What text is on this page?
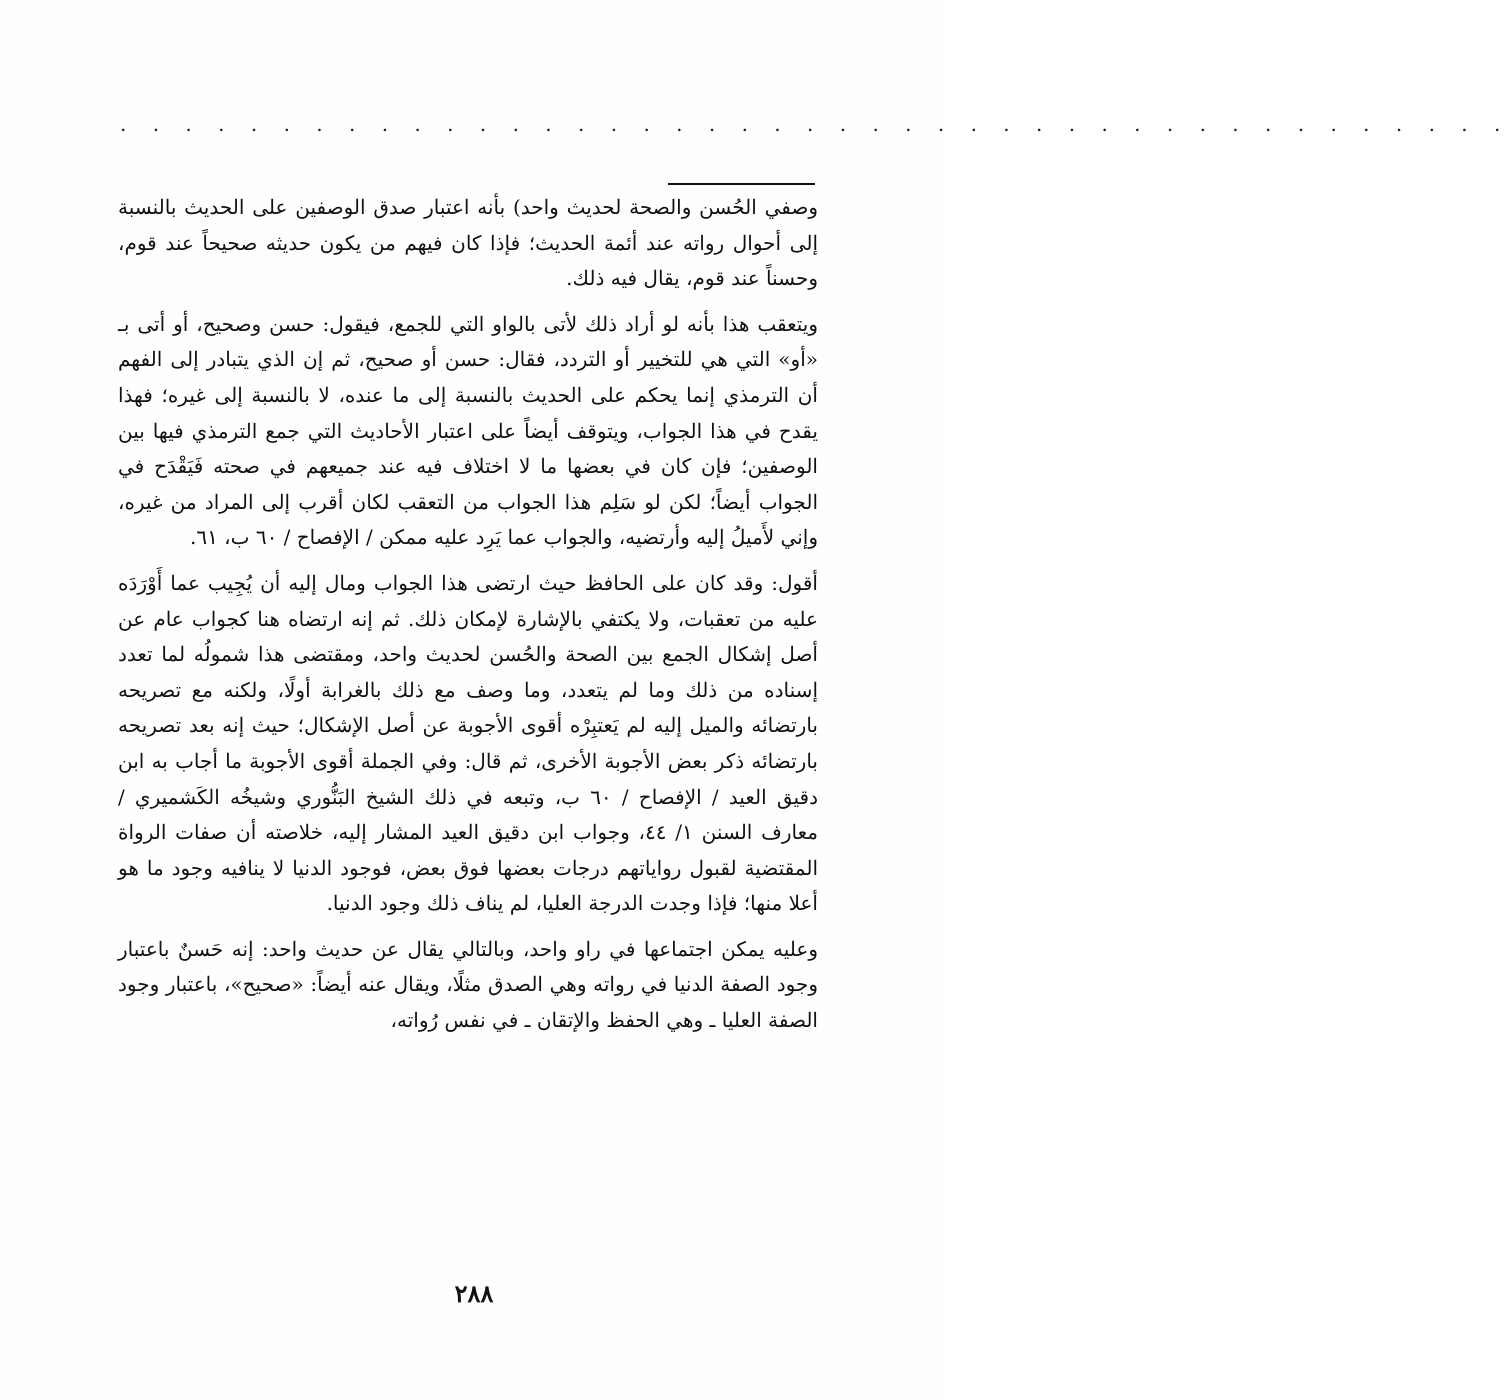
. . . . . . . . . . . . . . . . . . . . . . . . . . . . . . . . . . . . . . . . . . .

وصفي الحُسن والصحة لحديث واحد) بأنه اعتبار صدق الوصفين على الحديث بالنسبة إلى أحوال رواته عند أئمة الحديث؛ فإذا كان فيهم من يكون حديثه صحيحاً عند قوم، وحسناً عند قوم، يقال فيه ذلك.

ويتعقب هذا بأنه لو أراد ذلك لأتى بالواو التي للجمع، فيقول: حسن وصحيح، أو أتى بـ «أو» التي هي للتخيير أو التردد، فقال: حسن أو صحيح، ثم إن الذي يتبادر إلى الفهم أن الترمذي إنما يحكم على الحديث بالنسبة إلى ما عنده، لا بالنسبة إلى غيره؛ فهذا يقدح في هذا الجواب، ويتوقف أيضاً على اعتبار الأحاديث التي جمع الترمذي فيها بين الوصفين؛ فإن كان في بعضها ما لا اختلاف فيه عند جميعهم في صحته فَيَقْدَح في الجواب أيضاً؛ لكن لو سَلِم هذا الجواب من التعقب لكان أقرب إلى المراد من غيره، وإني لأَميلُ إليه وأرتضيه، والجواب عما يَرِد عليه ممكن / الإفصاح / ٦٠ ب، ٦١.

أقول: وقد كان على الحافظ حيث ارتضى هذا الجواب ومال إليه أن يُجِيب عما أَوْرَدَه عليه من تعقبات، ولا يكتفي بالإشارة لإمكان ذلك. ثم إنه ارتضاه هنا كجواب عام عن أصل إشكال الجمع بين الصحة والحُسن لحديث واحد، ومقتضى هذا شمولُه لما تعدد إسناده من ذلك وما لم يتعدد، وما وصف مع ذلك بالغرابة أولًا، ولكنه مع تصريحه بارتضائه والميل إليه لم يَعتبِرْه أقوى الأجوبة عن أصل الإشكال؛ حيث إنه بعد تصريحه بارتضائه ذكر بعض الأجوبة الأخرى، ثم قال: وفي الجملة أقوى الأجوبة ما أجاب به ابن دقيق العيد / الإفصاح / ٦٠ ب، وتبعه في ذلك الشيخ البَنُّوري وشيخُه الكَشميري / معارف السنن ١/ ٤٤، وجواب ابن دقيق العيد المشار إليه، خلاصته أن صفات الرواة المقتضية لقبول رواياتهم درجات بعضها فوق بعض، فوجود الدنيا لا ينافيه وجود ما هو أعلا منها؛ فإذا وجدت الدرجة العليا، لم يناف ذلك وجود الدنيا.

وعليه يمكن اجتماعها في راو واحد، وبالتالي يقال عن حديث واحد: إنه حَسنٌ باعتبار وجود الصفة الدنيا في رواته وهي الصدق مثلًا، ويقال عنه أيضاً: «صحيح»، باعتبار وجود الصفة العليا ـ وهي الحفظ والإتقان ـ في نفس رُواته،

٢٨٨
